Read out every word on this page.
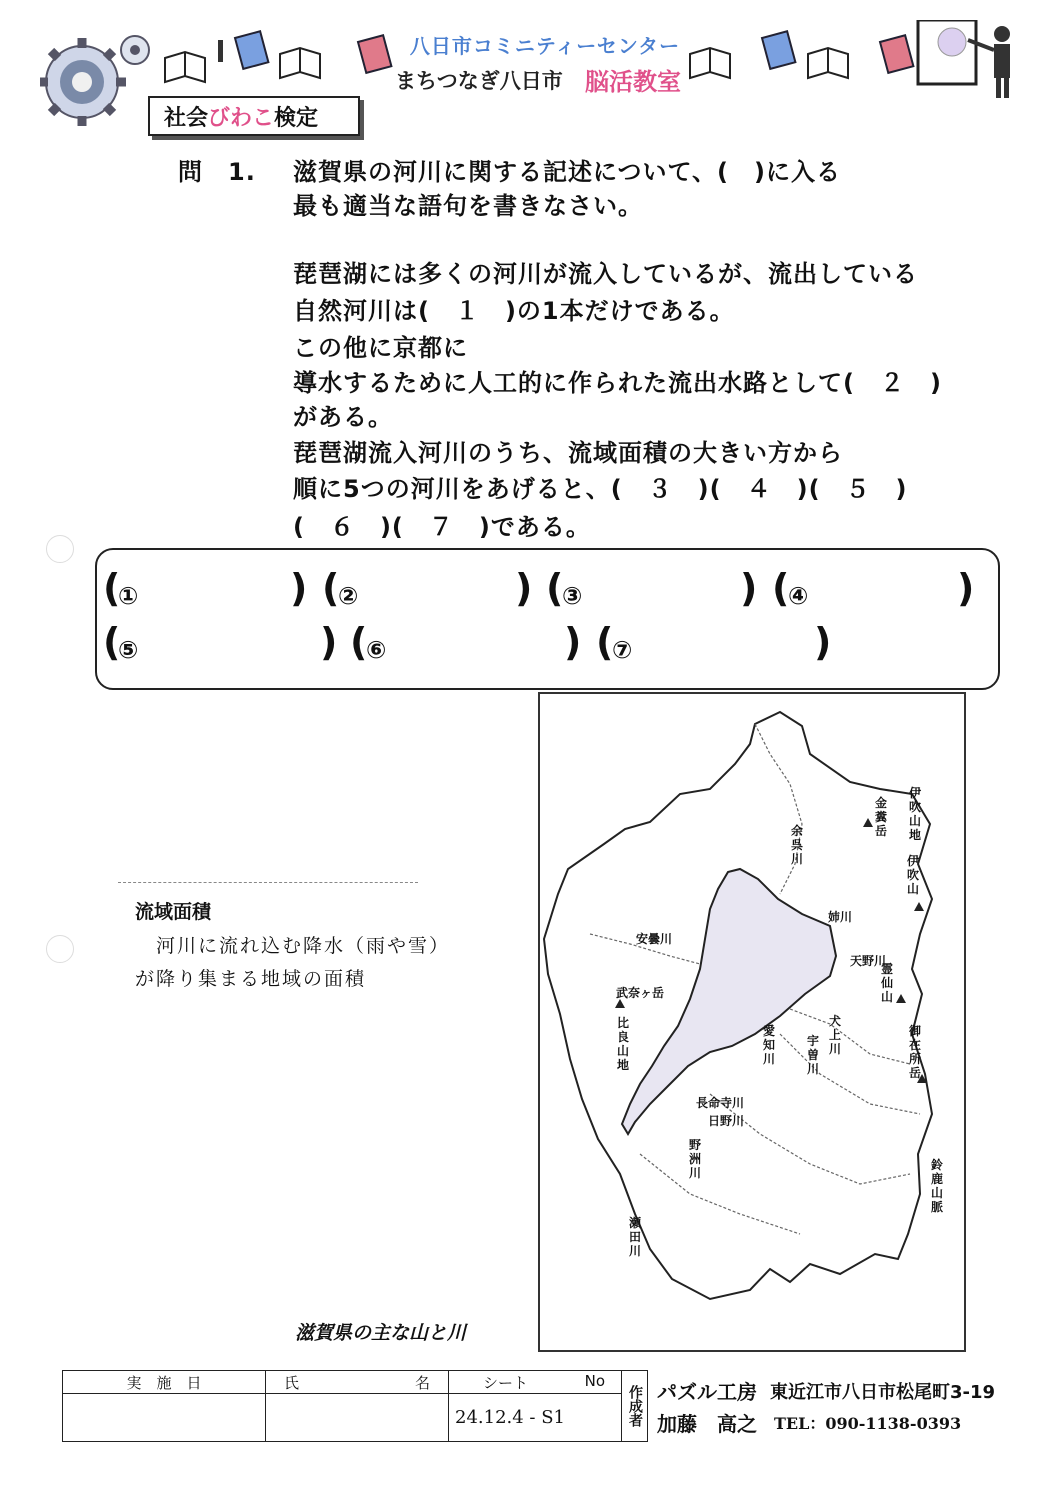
八日市コミニティーセンター
まちつなぎ八日市 脳活教室
社会 びわこ 検定
問　1. 滋賀県の河川に関する記述について、(　)に入る
最も適当な語句を書きなさい。
琵琶湖には多くの河川が流入しているが、流出している
自然河川は(　１　)の1本だけである。
この他に京都に
導水するために人工的に作られた流出水路として(　２　)
がある。
琵琶湖流入河川のうち、流域面積の大きい方から
順に5つの河川をあげると、(　３　)(　４　)(　５　)
(　６　)(　７　)である。
(
①	) (
②	) (
③	) (
④	)
(
⑤	) (
⑥	) (
⑦	)
流域面積
　河川に流れ込む降水（雨や雪）が降り集まる地域の面積
伊吹山地
金糞岳
余呉川	伊吹山
姉川
安曇川
天野川
武奈ヶ岳
霊仙山
比良山地
犬上川
愛知川
宇曽川
御在所岳
長命寺川
日野川
野洲川
鈴鹿山脈
瀬田川
滋賀県の主な山と川
実　施　日	氏 名	シート No

		24.12.4 - S1	作成者 パズル工房 東近江市八日市松尾町3-19
加藤　高之 TEL：090-1138-0393
